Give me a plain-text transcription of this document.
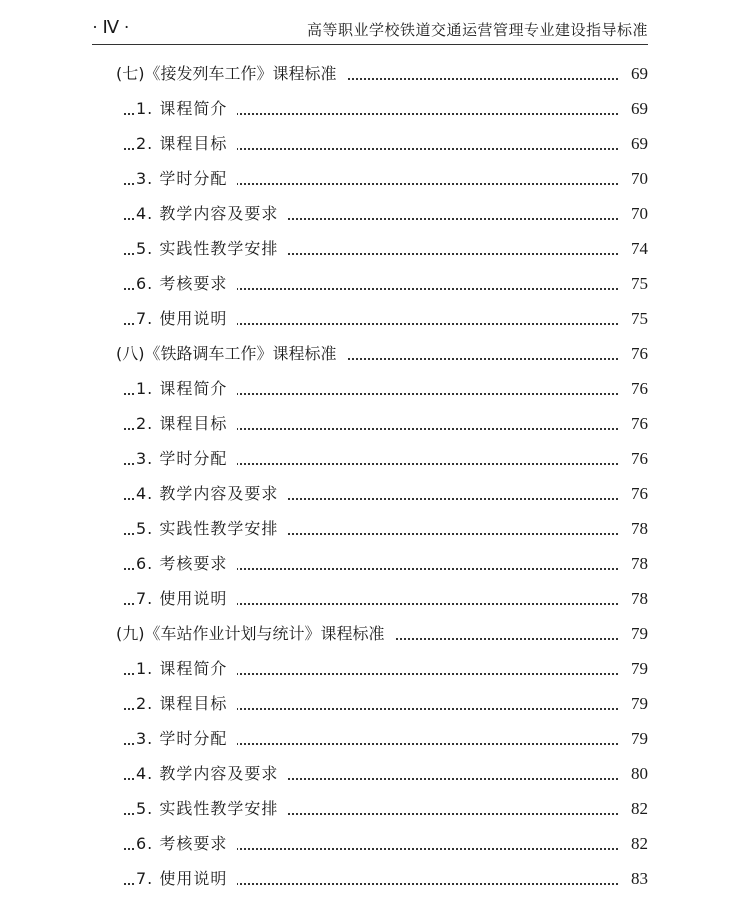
· Ⅳ ·	高等职业学校铁道交通运营管理专业建设指导标准
(七)《接发列车工作》课程标准	69
1. 课程简介	69
2. 课程目标	69
3. 学时分配	70
4. 教学内容及要求	70
5. 实践性教学安排	74
6. 考核要求	75
7. 使用说明	75
(八)《铁路调车工作》课程标准	76
1. 课程简介	76
2. 课程目标	76
3. 学时分配	76
4. 教学内容及要求	76
5. 实践性教学安排	78
6. 考核要求	78
7. 使用说明	78
(九)《车站作业计划与统计》课程标准	79
1. 课程简介	79
2. 课程目标	79
3. 学时分配	79
4. 教学内容及要求	80
5. 实践性教学安排	82
6. 考核要求	82
7. 使用说明	83
